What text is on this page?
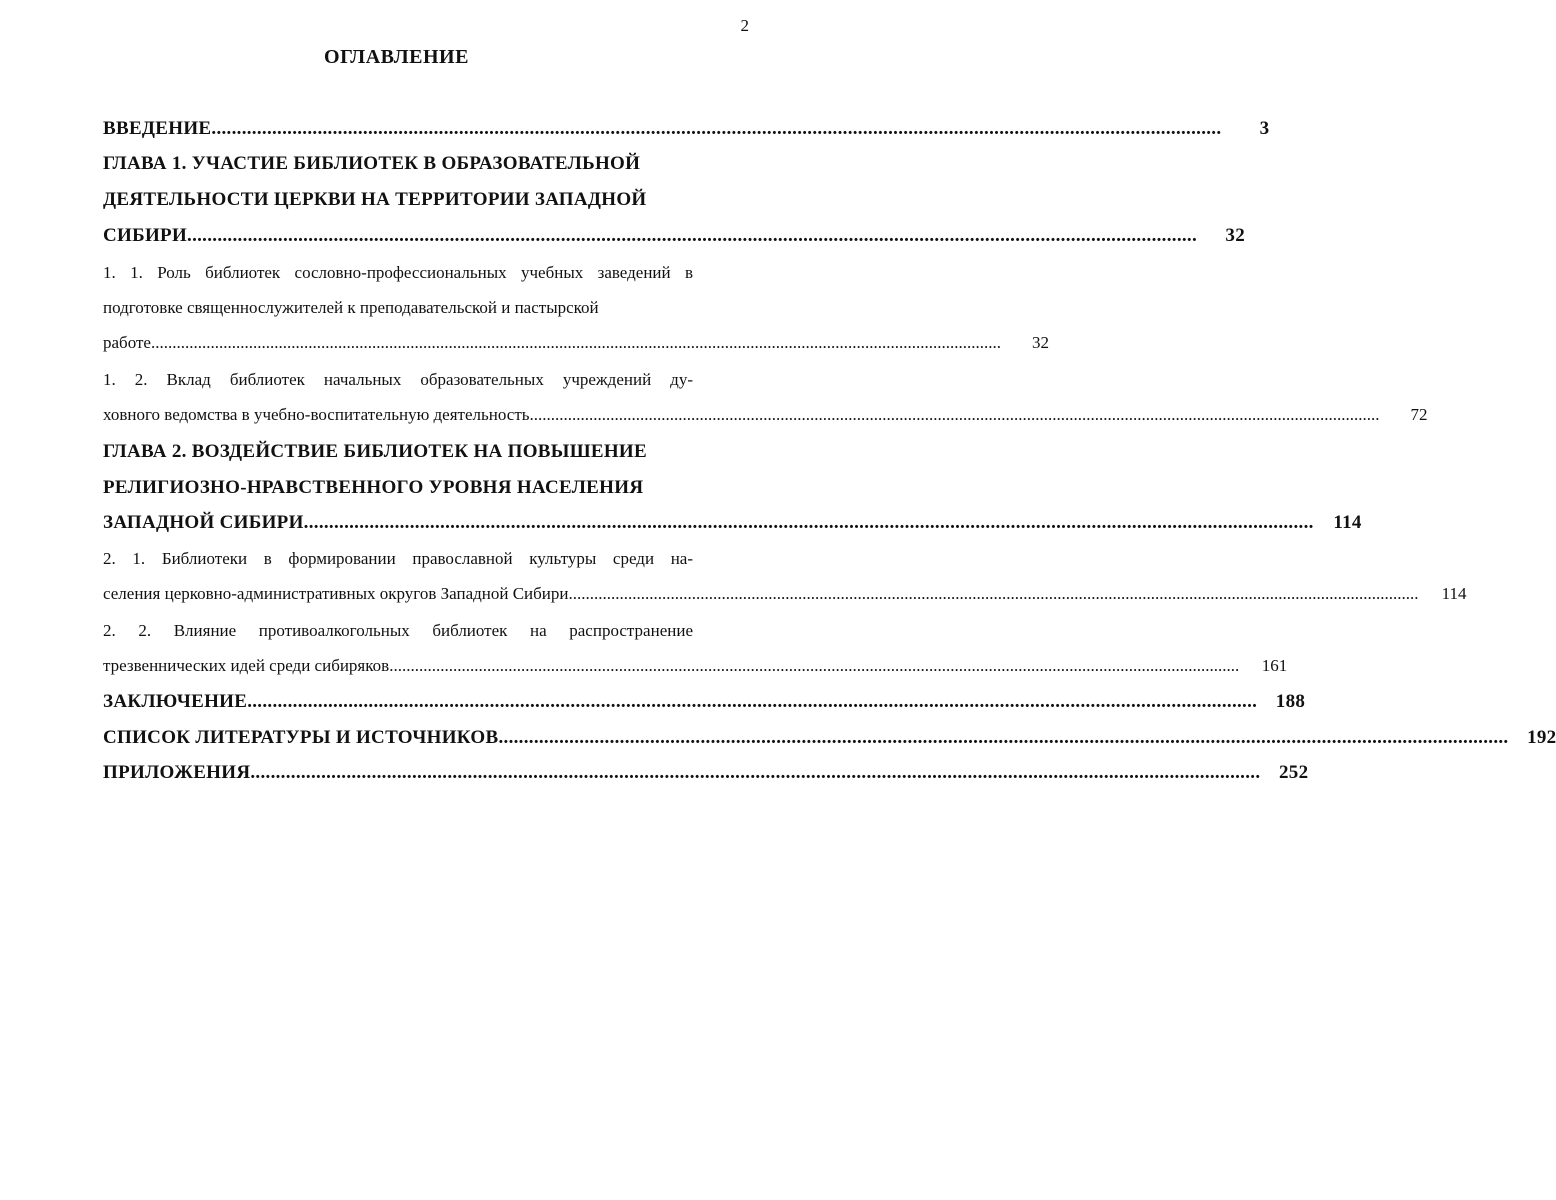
2
ОГЛАВЛЕНИЕ
ВВЕДЕНИЕ ........................................................................................................................................................................................................	3
ГЛАВА 1. УЧАСТИЕ БИБЛИОТЕК В ОБРАЗОВАТЕЛЬНОЙ
ДЕЯТЕЛЬНОСТИ ЦЕРКВИ НА ТЕРРИТОРИИ ЗАПАДНОЙ
СИБИРИ ........................................................................................................................................................................................................	32
1. 1. Роль библиотек сословно-профессиональных учебных заведений в
подготовке священнослужителей к преподавательской и пастырской
работе ........................................................................................................................................................................................................	32
1. 2. Вклад библиотек начальных образовательных учреждений ду-
ховного ведомства в учебно-воспитательную деятельность ........................................................................................................................................................................................................	72
ГЛАВА 2. ВОЗДЕЙСТВИЕ БИБЛИОТЕК НА ПОВЫШЕНИЕ
РЕЛИГИОЗНО-НРАВСТВЕННОГО УРОВНЯ НАСЕЛЕНИЯ
ЗАПАДНОЙ СИБИРИ ........................................................................................................................................................................................................ 114
2. 1. Библиотеки в формировании православной культуры среди на-
селения церковно-административных округов Западной Сибири ........................................................................................................................................................................................................	114
2. 2. Влияние противоалкогольных библиотек на распространение
трезвеннических идей среди сибиряков ........................................................................................................................................................................................................	161
ЗАКЛЮЧЕНИЕ ........................................................................................................................................................................................................ 188
СПИСОК ЛИТЕРАТУРЫ И ИСТОЧНИКОВ ........................................................................................................................................................................................................ 192
ПРИЛОЖЕНИЯ ........................................................................................................................................................................................................ 252
